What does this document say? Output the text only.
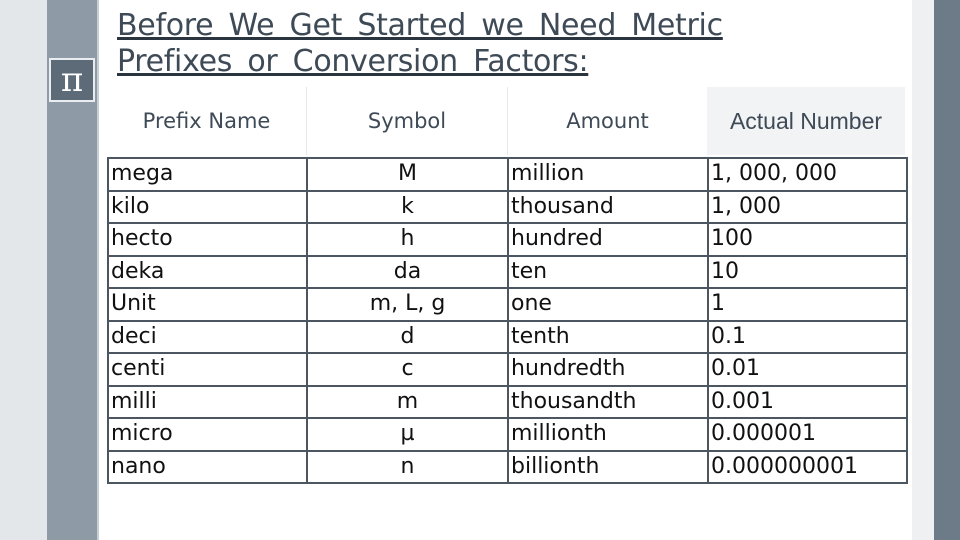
π
Before We Get Started we Need Metric Prefixes or Conversion Factors:
Prefix Name	Symbol	Amount	Actual Number
mega	M	million	1, 000, 000
kilo	k	thousand	1, 000
hecto	h	hundred	100
deka	da	ten	10
Unit	m, L, g	one	1
deci	d	tenth	0.1
centi	c	hundredth	0.01
milli	m	thousandth	0.001
micro	µ	millionth	0.000001
nano	n	billionth	0.000000001
